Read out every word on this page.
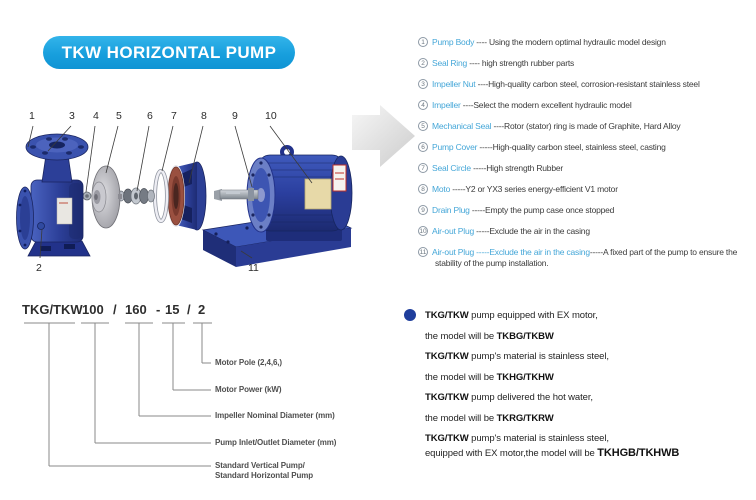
TKW HORIZONTAL PUMP
1
2
3 4 5 6 7 8 9	10
11
1 Pump Body ---- Using the modern optimal hydraulic model design
2 Seal Ring ---- high strength rubber parts
3 Impeller Nut ----High-quality carbon steel, corrosion-resistant stainless steel
4 Impeller ----Select the modern excellent hydraulic model
5 Mechanical Seal ----Rotor (stator) ring is made of Graphite, Hard Alloy
6 Pump Cover -----High-quality carbon steel, stainless steel, casting
7 Seal Circle -----High strength Rubber
8 Moto -----Y2 or YX3 series energy-efficient V1 motor
9 Drain Plug -----Empty the pump case once stopped
10 Air-out Plug -----Exclude the air in the casing
11 Air-out Plug -----Exclude the air in the casing-----A fixed part of the pump to ensure the stability of the pump installation.
TKG/TKW 100 / 160 - 15 / 2
Motor Pole (2,4,6,)
Motor Power (kW)
Impeller Nominal Diameter (mm)
Pump Inlet/Outlet Diameter (mm)
Standard Vertical Pump/
Standard Horizontal Pump
TKG/TKW pump equipped with EX motor,
the model will be TKBG/TKBW
TKG/TKW pump's material is stainless steel,
the model will be TKHG/TKHW
TKG/TKW pump delivered the hot water,
the model will be TKRG/TKRW
TKG/TKW pump's material is stainless steel,
equipped with EX motor,the model will be TKHGB/TKHWB
